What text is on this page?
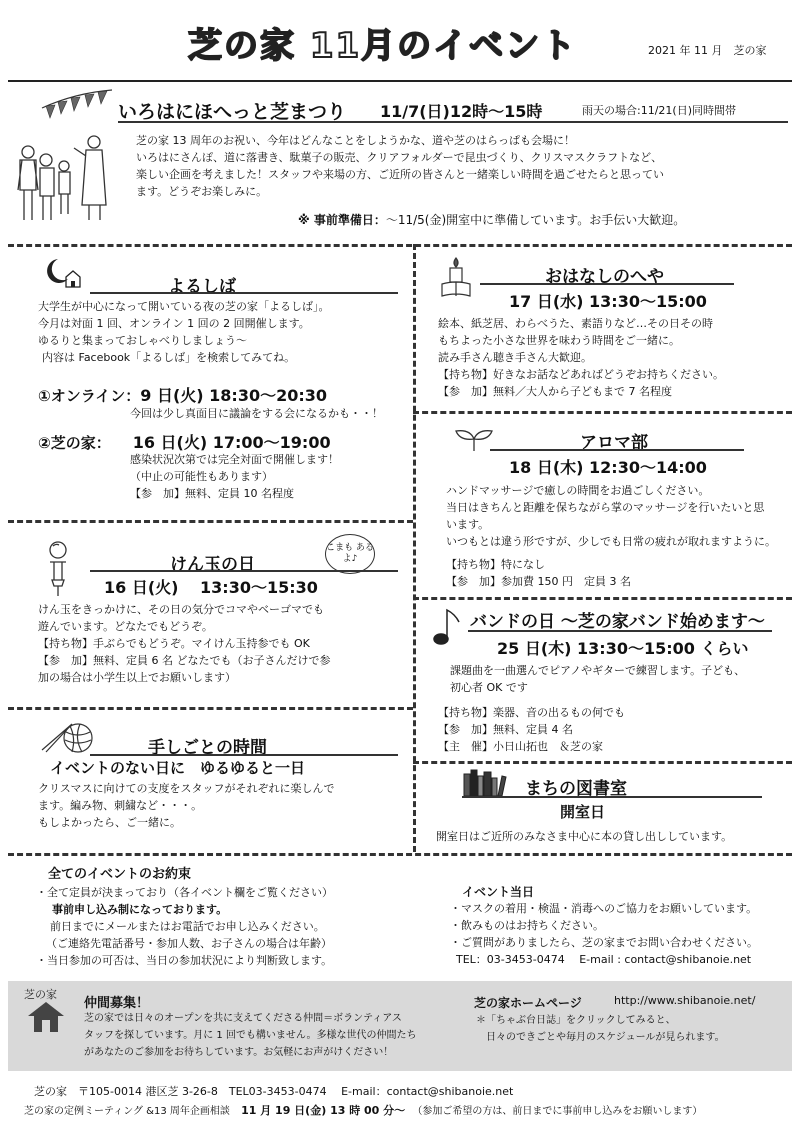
芝の家 11月のイベント	2021 年 11 月　芝の家
いろはにほへっと芝まつり 11/7(日)12時〜15時	雨天の場合:11/21(日)同時間帯
芝の家 13 周年のお祝い、今年はどんなことをしようかな、道や芝のはらっぱも会場に！
いろはにさんぽ、道に落書き、駄菓子の販売、クリアフォルダーで昆虫づくり、クリスマスクラフトなど、
楽しい企画を考えました！スタッフや来場の方、ご近所の皆さんと一緒楽しい時間を過ごせたらと思ってい
ます。どうぞお楽しみに。
※ 事前準備日：〜11/5(金)開室中に準備しています。お手伝い大歓迎。
よるしば
大学生が中心になって開いている夜の芝の家「よるしば」。
今月は対面 1 回、オンライン 1 回の 2 回開催します。
ゆるりと集まっておしゃべりしましょう〜
内容は Facebook「よるしば」を検索してみてね。
①オンライン：9 日(火) 18:30〜20:30
今回は少し真面目に議論をする会になるかも・・！
②芝の家： 16 日(火) 17:00〜19:00
感染状況次第では完全対面で開催します！
（中止の可能性もあります）
【参　加】無料、定員 10 名程度
けん玉の日
こまも あるよ♪
16 日(火)　 13:30〜15:30
けん玉をきっかけに、その日の気分でコマやベーゴマでも
遊んでいます。どなたでもどうぞ。
【持ち物】手ぶらでもどうぞ。マイけん玉持参でも OK
【参　加】無料、定員 6 名 どなたでも（お子さんだけで参
加の場合は小学生以上でお願いします）
手しごとの時間
イベントのない日に　ゆるゆると一日
クリスマスに向けての支度をスタッフがそれぞれに楽しんで
ます。編み物、刺繍など・・・。
もしよかったら、ご一緒に。
おはなしのへや
17 日(水) 13:30〜15:00
絵本、紙芝居、わらべうた、素語りなど…その日その時
もちよった小さな世界を味わう時間をご一緒に。
読み手さん聴き手さん大歓迎。
【持ち物】好きなお話などあればどうぞお持ちください。
【参　加】無料／大人から子どもまで 7 名程度
アロマ部
18 日(木) 12:30〜14:00
ハンドマッサージで癒しの時間をお過ごしください。
当日はきちんと距離を保ちながら掌のマッサージを行いたいと思
います。
いつもとは違う形ですが、少しでも日常の疲れが取れますように。
【持ち物】特になし
【参　加】参加費 150 円　定員 3 名
バンドの日 〜芝の家バンド始めます〜
25 日(木) 13:30〜15:00 くらい
課題曲を一曲選んでピアノやギターで練習します。子ども、
初心者 OK です
【持ち物】楽器、音の出るもの何でも
【参　加】無料、定員 4 名
【主　催】小日山拓也　＆芝の家
まちの図書室
開室日
開室日はご近所のみなさま中心に本の貸し出ししています。
全てのイベントのお約束
・全て定員が決まっており（各イベント欄をご覧ください）
事前申し込み制になっております。
前日までにメールまたはお電話でお申し込みください。
（ご連絡先電話番号・参加人数、お子さんの場合は年齢）
・当日参加の可否は、当日の参加状況により判断致します。
イベント当日
・マスクの着用・検温・消毒へのご協力をお願いしています。
・飲みものはお持ちください。
・ご質問がありましたら、芝の家までお問い合わせください。
TEL：03-3453-0474　 E-mail : contact@shibanoie.net
芝の家
仲間募集！
芝の家では日々のオープンを共に支えてくださる仲間＝ボランティアス
タッフを探しています。月に 1 回でも構いません。多様な世代の仲間たち
があなたのご参加をお待ちしています。お気軽にお声がけください！
芝の家ホームページ	http://www.shibanoie.net/
＊「ちゃぶ台日誌」をクリックしてみると、
日々のできごとや毎月のスケジュールが見られます。
芝の家　〒105-0014 港区芝 3-26-8　TEL03-3453-0474　 E-mail：contact@shibanoie.net
芝の家の定例ミーティング &13 周年企画相談 11 月 19 日(金) 13 時 00 分〜 （参加ご希望の方は、前日までに事前申し込みをお願いします）
